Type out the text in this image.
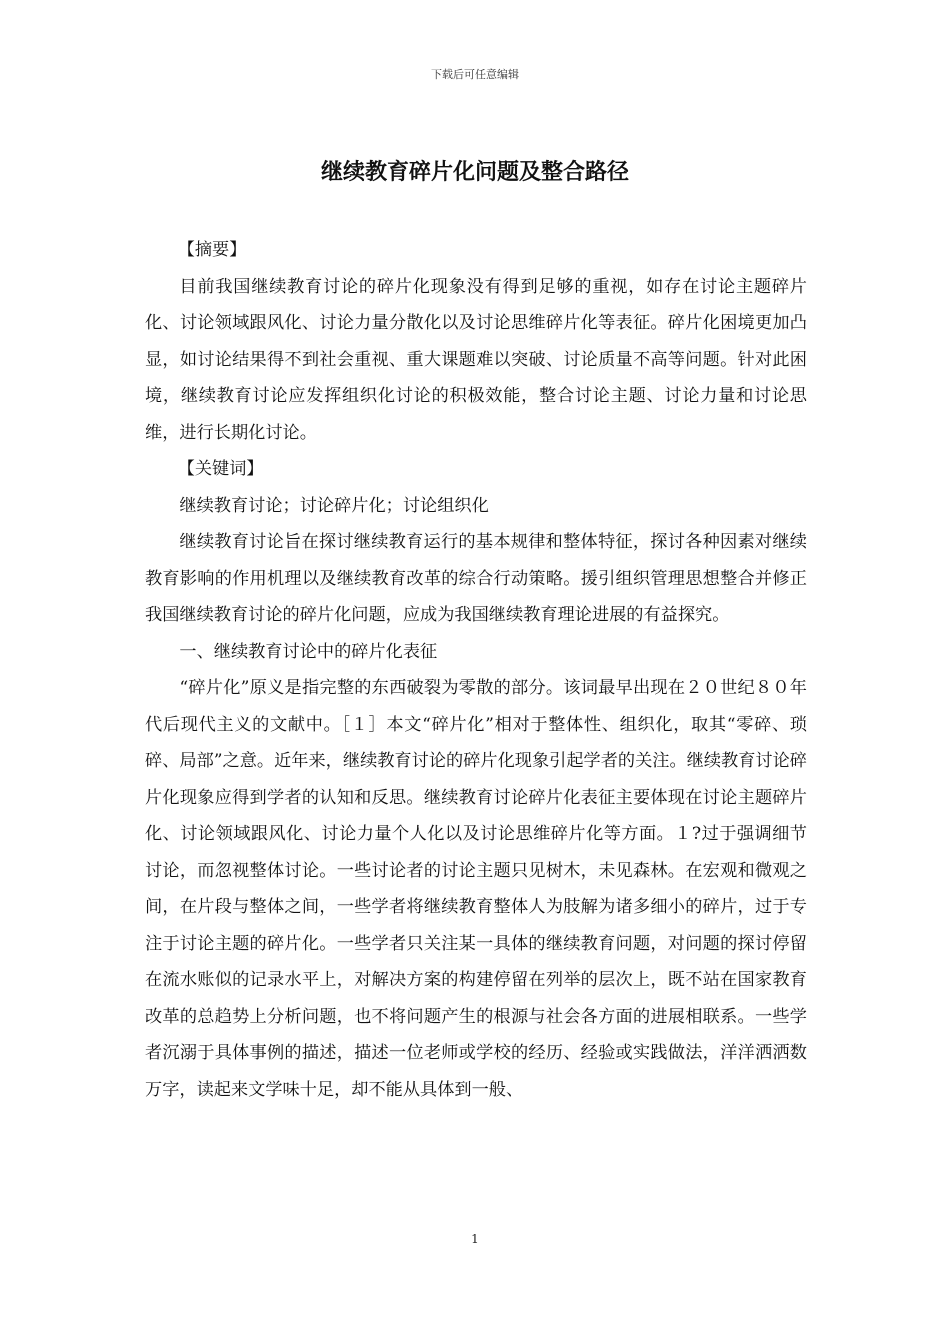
下载后可任意编辑
继续教育碎片化问题及整合路径

【摘要】

目前我国继续教育讨论的碎片化现象没有得到足够的重视，如存在讨论主题碎片化、讨论领域跟风化、讨论力量分散化以及讨论思维碎片化等表征。碎片化困境更加凸显，如讨论结果得不到社会重视、重大课题难以突破、讨论质量不高等问题。针对此困境，继续教育讨论应发挥组织化讨论的积极效能，整合讨论主题、讨论力量和讨论思维，进行长期化讨论。

【关键词】

继续教育讨论；讨论碎片化；讨论组织化

继续教育讨论旨在探讨继续教育运行的基本规律和整体特征，探讨各种因素对继续教育影响的作用机理以及继续教育改革的综合行动策略。援引组织管理思想整合并修正我国继续教育讨论的碎片化问题，应成为我国继续教育理论进展的有益探究。

一、继续教育讨论中的碎片化表征

“碎片化”原义是指完整的东西破裂为零散的部分。该词最早出现在２０世纪８０年代后现代主义的文献中。［１］本文“碎片化”相对于整体性、组织化，取其“零碎、琐碎、局部”之意。近年来，继续教育讨论的碎片化现象引起学者的关注。继续教育讨论碎片化现象应得到学者的认知和反思。继续教育讨论碎片化表征主要体现在讨论主题碎片化、讨论领域跟风化、讨论力量个人化以及讨论思维碎片化等方面。１?过于强调细节讨论，而忽视整体讨论。一些讨论者的讨论主题只见树木，未见森林。在宏观和微观之间，在片段与整体之间，一些学者将继续教育整体人为肢解为诸多细小的碎片，过于专注于讨论主题的碎片化。一些学者只关注某一具体的继续教育问题，对问题的探讨停留在流水账似的记录水平上，对解决方案的构建停留在列举的层次上，既不站在国家教育改革的总趋势上分析问题，也不将问题产生的根源与社会各方面的进展相联系。一些学者沉溺于具体事例的描述，描述一位老师或学校的经历、经验或实践做法，洋洋洒洒数万字，读起来文学味十足，却不能从具体到一般、

1
